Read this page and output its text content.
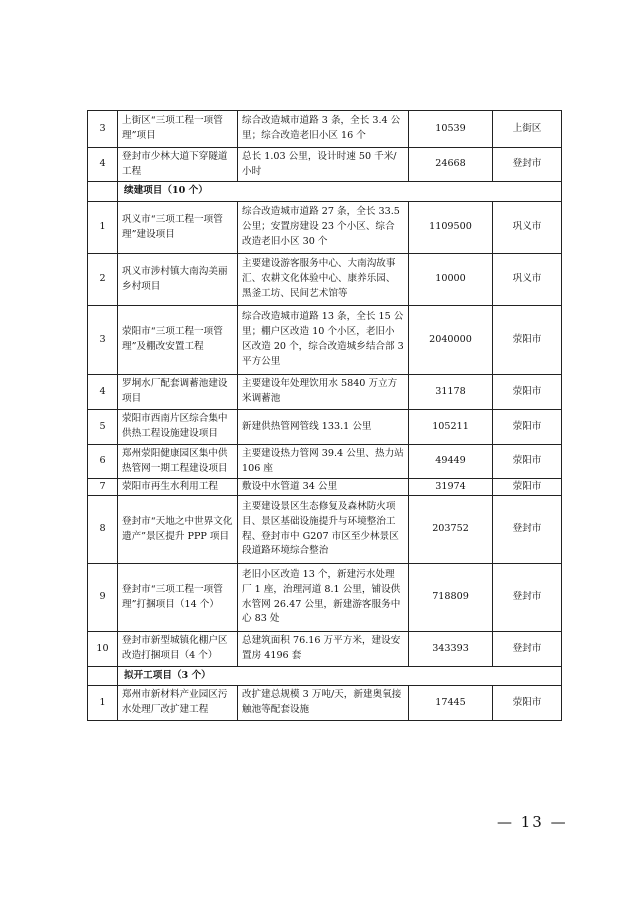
3	上街区“三项工程一项管理”项目	综合改造城市道路 3 条，全长 3.4 公里；综合改造老旧小区 16 个	10539	上街区
4	登封市少林大道下穿隧道工程	总长 1.03 公里，设计时速 50 千米/小时	24668	登封市
	续建项目（10 个）			
1	巩义市“三项工程一项管理”建设项目	综合改造城市道路 27 条，全长 33.5 公里；安置房建设 23 个小区、综合改造老旧小区 30 个	1109500	巩义市
2	巩义市涉村镇大南沟美丽乡村项目	主要建设游客服务中心、大南沟故事汇、农耕文化体验中心、康养乐园、黑釜工坊、民间艺术馆等	10000	巩义市
3	荥阳市“三项工程一项管理”及棚改安置工程	综合改造城市道路 13 条，全长 15 公里；棚户区改造 10 个小区，老旧小区改造 20 个，综合改造城乡结合部 3 平方公里	2040000	荥阳市
4	罗垌水厂配套调蓄池建设项目	主要建设年处理饮用水 5840 万立方米调蓄池	31178	荥阳市
5	荥阳市西南片区综合集中供热工程设施建设项目	新建供热管网管线 133.1 公里	105211	荥阳市
6	郑州荥阳健康园区集中供热管网一期工程建设项目	主要建设热力管网 39.4 公里、热力站 106 座	49449	荥阳市
7	荥阳市再生水利用工程	敷设中水管道 34 公里	31974	荥阳市
8	登封市“天地之中世界文化遗产”景区提升 PPP 项目	主要建设景区生态修复及森林防火项目、景区基础设施提升与环境整治工程、登封市中 G207 市区至少林景区段道路环境综合整治	203752	登封市
9	登封市“三项工程一项管理”打捆项目（14 个）	老旧小区改造 13 个，新建污水处理厂 1 座，治理河道 8.1 公里，铺设供水管网 26.47 公里，新建游客服务中心 83 处	718809	登封市
10	登封市新型城镇化棚户区改造打捆项目（4 个）	总建筑面积 76.16 万平方米，建设安置房 4196 套	343393	登封市
	拟开工项目（3 个）			
1	郑州市新材料产业园区污水处理厂改扩建工程	改扩建总规模 3 万吨/天，新建奥氧接触池等配套设施	17445	荥阳市
— 13 —
